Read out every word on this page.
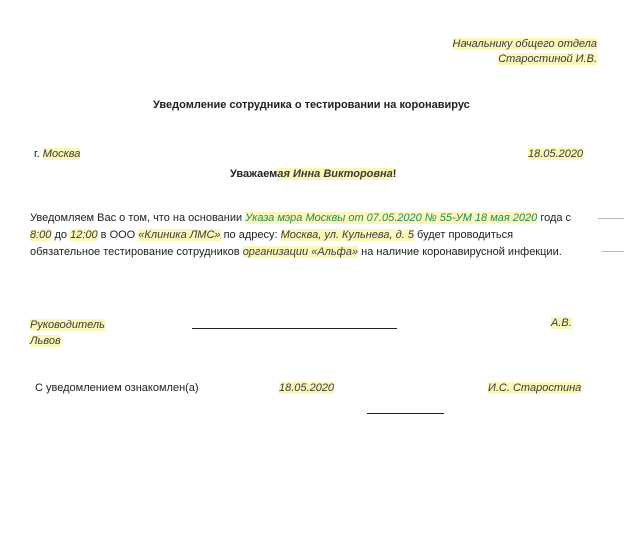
Начальнику общего отдела
Старостиной И.В.
Уведомление сотрудника о тестировании на коронавирус
г. Москва	18.05.2020
Уважаемая Инна Викторовна!
Уведомляем Вас о том, что на основании Указа мэра Москвы от 07.05.2020 № 55-УМ 18 мая 2020 года с
8:00 до 12:00 в ООО «Клиника ЛМС» по адресу: Москва, ул. Кульнева, д. 5 будет проводиться
обязательное тестирование сотрудников организации «Альфа» на наличие коронавирусной инфекции.
Руководитель
Львов
А.В.
С уведомлением ознакомлен(а)	18.05.2020	И.С. Старостина
